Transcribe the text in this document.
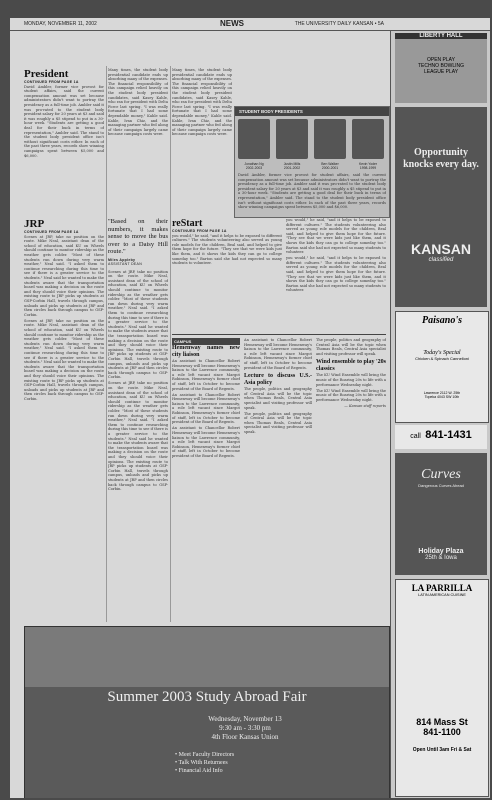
MONDAY, NOVEMBER 11, 2002	NEWS	THE UNIVERSITY DAILY KANSAN • 5A
President
CONTINUED FROM PAGE 1A

David Ambler, former vice provost for student affairs, said the current compensation amount was set because administrators didn't want to portray the presidency as a full-time job. Ambler said it was pro-rated to the student body president salary for 20 years at $3 and said it was roughly a $5 stipend to put in a 30-hour week. "Students are getting a good deal for their buck in terms of representation," Ambler said. The stand to the student body president office isn't without significant costs either. In each of the past three years, records show winning campaigns spent between $5,000 and $6,000.

Many times, the student body presidential candidate ends up absorbing many of the expenses. The financial responsibility of this campaign relied heavily on the student body president candidates, said Kasey Kahle, who ran for president with Delta Force last spring. "I was really fortunate that I had some dependable money," Kahle said. Kahle, Ivan Chiz, and the managing partner who fed along of their campaign largely came because campaign costs were.

Many times, the student body presidential candidate ends up absorbing many of the expenses. The financial responsibility of this campaign relied heavily on the student body president candidates, said Kasey Kahle, who ran for president with Delta Force last spring. "I was really fortunate that I had some dependable money," Kahle said. Kahle, Ivan Chiz, and the managing partner who fed along of their campaign largely came because campaign costs were.

STUDENT BODY PRESIDENTS
Jonathan Ng
2002-2003
Justin Mills
2001-2002
Ben Walker
2000-2001
Kevin Yoder
1998-1999

David Ambler, former vice provost for student affairs, said the current compensation amount was set because administrators didn't want to portray the presidency as a full-time job. Ambler said it was pro-rated to the student body president salary for 20 years at $3 and said it was roughly a $5 stipend to put in a 30-hour week. "Students are getting a good deal for their buck in terms of representation," Ambler said. The stand to the student body president office isn't without significant costs either. In each of the past three years, records show winning campaigns spent between $5,000 and $6,000.

JRP
CONTINUED FROM PAGE 1A

Scenes at JRP, take no position on the route. Mike Neal, assistant dean of the school of education, said KU on Wheels should continue to monitor ridership as the weather gets colder. "Most of these students run down during very warm weather," Neal said. "I asked them to continue researching during this time to see if there is a greater service to the students." Neal said he wanted to make the students aware that the transportation board was making a decision on the route and they should voice their opinions. The existing route to JRP picks up students at GSP-Corbin Hall, travels through campus, unloads and picks up students at JRP and then circles back through campus to GSP-Corbin.

Scenes at JRP, take no position on the route. Mike Neal, assistant dean of the school of education, said KU on Wheels should continue to monitor ridership as the weather gets colder. "Most of these students run down during very warm weather," Neal said. "I asked them to continue researching during this time to see if there is a greater service to the students." Neal said he wanted to make the students aware that the transportation board was making a decision on the route and they should voice their opinions. The existing route to JRP picks up students at GSP-Corbin Hall, travels through campus, unloads and picks up students at JRP and then circles back through campus to GSP-Corbin.

"Based on their numbers, it makes sense to move the bus over to a Daisy Hill route."
Miles Appleby
ASSISTANT DEAN

Scenes at JRP, take no position on the route. Mike Neal, assistant dean of the school of education, said KU on Wheels should continue to monitor ridership as the weather gets colder. "Most of these students run down during very warm weather," Neal said. "I asked them to continue researching during this time to see if there is a greater service to the students." Neal said he wanted to make the students aware that the transportation board was making a decision on the route and they should voice their opinions. The existing route to JRP picks up students at GSP-Corbin Hall, travels through campus, unloads and picks up students at JRP and then circles back through campus to GSP-Corbin.

Scenes at JRP, take no position on the route. Mike Neal, assistant dean of the school of education, said KU on Wheels should continue to monitor ridership as the weather gets colder. "Most of these students run down during very warm weather," Neal said. "I asked them to continue researching during this time to see if there is a greater service to the students." Neal said he wanted to make the students aware that the transportation board was making a decision on the route and they should voice their opinions. The existing route to JRP picks up students at GSP-Corbin Hall, travels through campus, unloads and picks up students at JRP and then circles back through campus to GSP-Corbin.

reStart
CONTINUED FROM PAGE 1A

you would," he said, "and it helps to be exposed to different cultures." The students volunteering also served as young role models for the children, Beal said, and helped to give them hope for the future. "They see that we were kids just like them, and it shows the kids they can go to college someday too." Barton said she had not expected so many students to volunteer.

you would," he said, "and it helps to be exposed to different cultures." The students volunteering also served as young role models for the children, Beal said, and helped to give them hope for the future. "They see that we were kids just like them, and it shows the kids they can go to college someday too." Barton said she had not expected so many students to volunteer.

you would," he said, "and it helps to be exposed to different cultures." The students volunteering also served as young role models for the children, Beal said, and helped to give them hope for the future. "They see that we were kids just like them, and it shows the kids they can go to college someday too." Barton said she had not expected so many students to volunteer.

CAMPUS
Hemenway names new city liaison

An assistant to Chancellor Robert Hemenway will become Hemenway's liaison to the Lawrence community, a role left vacant since Margot Robinson, Hemenway's former chief of staff, left in October to become president of the Board of Regents.

An assistant to Chancellor Robert Hemenway will become Hemenway's liaison to the Lawrence community, a role left vacant since Margot Robinson, Hemenway's former chief of staff, left in October to become president of the Board of Regents.

An assistant to Chancellor Robert Hemenway will become Hemenway's liaison to the Lawrence community, a role left vacant since Margot Robinson, Hemenway's former chief of staff, left in October to become president of the Board of Regents.

An assistant to Chancellor Robert Hemenway will become Hemenway's liaison to the Lawrence community, a role left vacant since Margot Robinson, Hemenway's former chief of staff, left in October to become president of the Board of Regents.

Lecture to discuss U.S.-Asia policy

The people, politics and geography of Central Asia will be the topic when Thomas Beals, Central Asia specialist and visiting professor will speak.

The people, politics and geography of Central Asia will be the topic when Thomas Beals, Central Asia specialist and visiting professor will speak.

The people, politics and geography of Central Asia will be the topic when Thomas Beals, Central Asia specialist and visiting professor will speak.

Wind ensemble to play '20s classics

The KU Wind Ensemble will bring the music of the Roaring 20s to life with a performance Wednesday night.

The KU Wind Ensemble will bring the music of the Roaring 20s to life with a performance Wednesday night.

— Kansan staff reports

Summer 2003 Study Abroad Fair
Wednesday, November 13
9:30 am - 3:30 pm
4th Floor Kansas Union
• Meet Faculty Directors
• Talk With Returnees
• Financial Aid Info
LIBERTY HALL
OPEN PLAY
TECHNO BOWLING
LEAGUE PLAY
Opportunity knocks every day.
KANSAN
classified
Paisano's
Today's Special
Chicken & Spinach Cannelloni
Lawrence 2112 W. 25th
Topeka 4043 SW 10th
call 841-1431
Curves
Dangerous Curves Ahead
Holiday Plaza
25th & Iowa
LA PARRILLA
LATIN AMERICAN CUISINE
814 Mass St
841-1100
Open Until 3am Fri & Sat
